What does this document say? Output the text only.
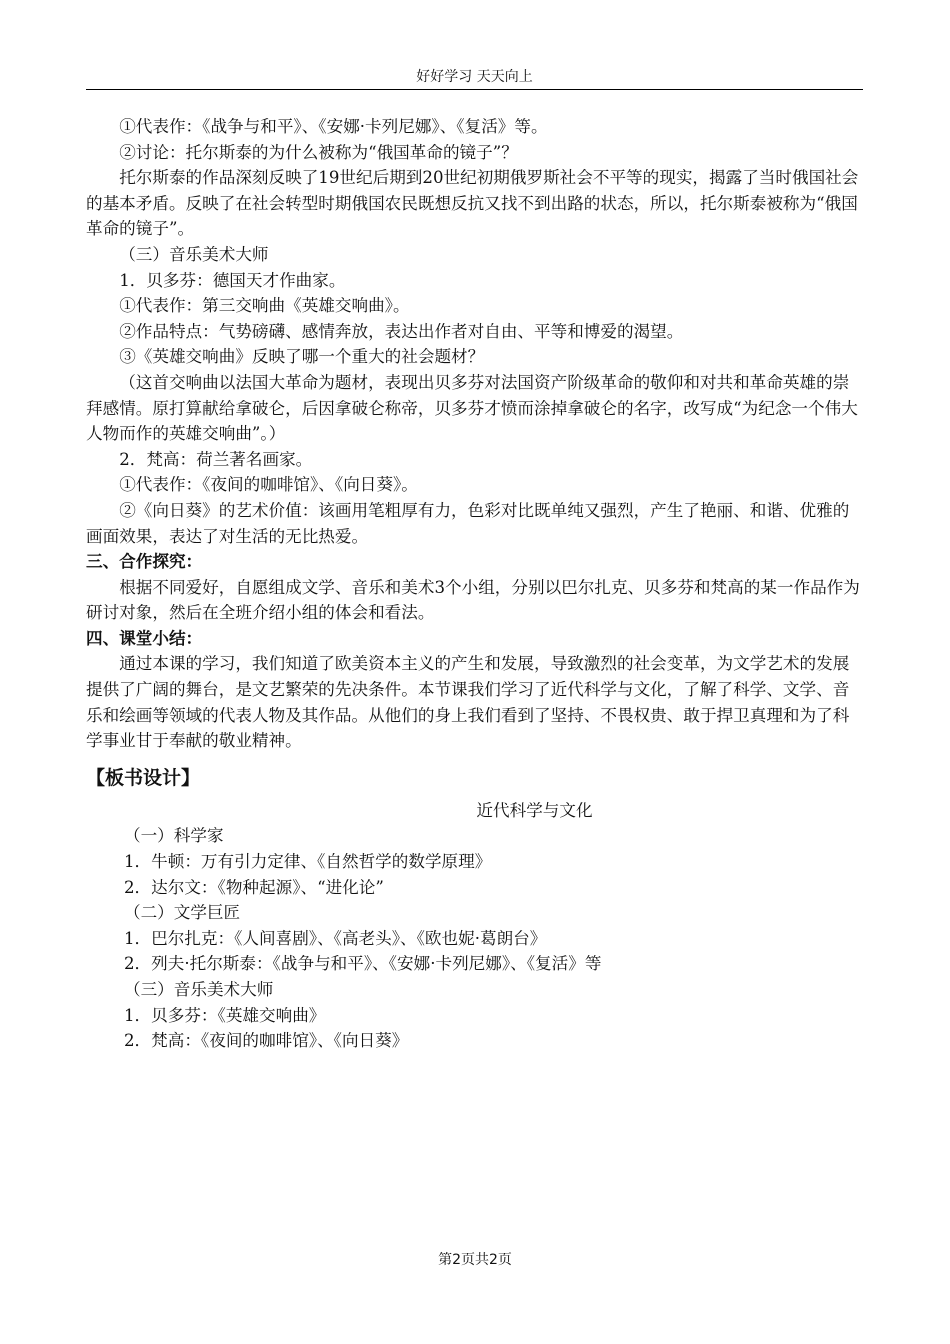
好好学习 天天向上

①代表作：《战争与和平》、《安娜·卡列尼娜》、《复活》等。

②讨论：托尔斯泰的为什么被称为“俄国革命的镜子”？

托尔斯泰的作品深刻反映了19世纪后期到20世纪初期俄罗斯社会不平等的现实，揭露了当时俄国社会的基本矛盾。反映了在社会转型时期俄国农民既想反抗又找不到出路的状态，所以，托尔斯泰被称为“俄国革命的镜子”。

（三）音乐美术大师

1．贝多芬：德国天才作曲家。

①代表作：第三交响曲《英雄交响曲》。

②作品特点：气势磅礴、感情奔放，表达出作者对自由、平等和博爱的渴望。

③《英雄交响曲》反映了哪一个重大的社会题材？

（这首交响曲以法国大革命为题材，表现出贝多芬对法国资产阶级革命的敬仰和对共和革命英雄的崇拜感情。原打算献给拿破仑，后因拿破仑称帝，贝多芬才愤而涂掉拿破仑的名字，改写成“为纪念一个伟大人物而作的英雄交响曲”。）

2．梵高：荷兰著名画家。

①代表作：《夜间的咖啡馆》、《向日葵》。

②《向日葵》的艺术价值：该画用笔粗厚有力，色彩对比既单纯又强烈，产生了艳丽、和谐、优雅的画面效果，表达了对生活的无比热爱。

三、合作探究：

根据不同爱好，自愿组成文学、音乐和美术3个小组，分别以巴尔扎克、贝多芬和梵高的某一作品作为研讨对象，然后在全班介绍小组的体会和看法。

四、课堂小结：

通过本课的学习，我们知道了欧美资本主义的产生和发展，导致激烈的社会变革，为文学艺术的发展提供了广阔的舞台，是文艺繁荣的先决条件。本节课我们学习了近代科学与文化，了解了科学、文学、音乐和绘画等领域的代表人物及其作品。从他们的身上我们看到了坚持、不畏权贵、敢于捍卫真理和为了科学事业甘于奉献的敬业精神。

【板书设计】

近代科学与文化

（一）科学家

1．牛顿：万有引力定律、《自然哲学的数学原理》

2．达尔文：《物种起源》、“进化论”

（二）文学巨匠

1．巴尔扎克：《人间喜剧》、《高老头》、《欧也妮·葛朗台》

2．列夫·托尔斯泰：《战争与和平》、《安娜·卡列尼娜》、《复活》等

（三）音乐美术大师

1．贝多芬：《英雄交响曲》

2．梵高：《夜间的咖啡馆》、《向日葵》

第2页共2页
